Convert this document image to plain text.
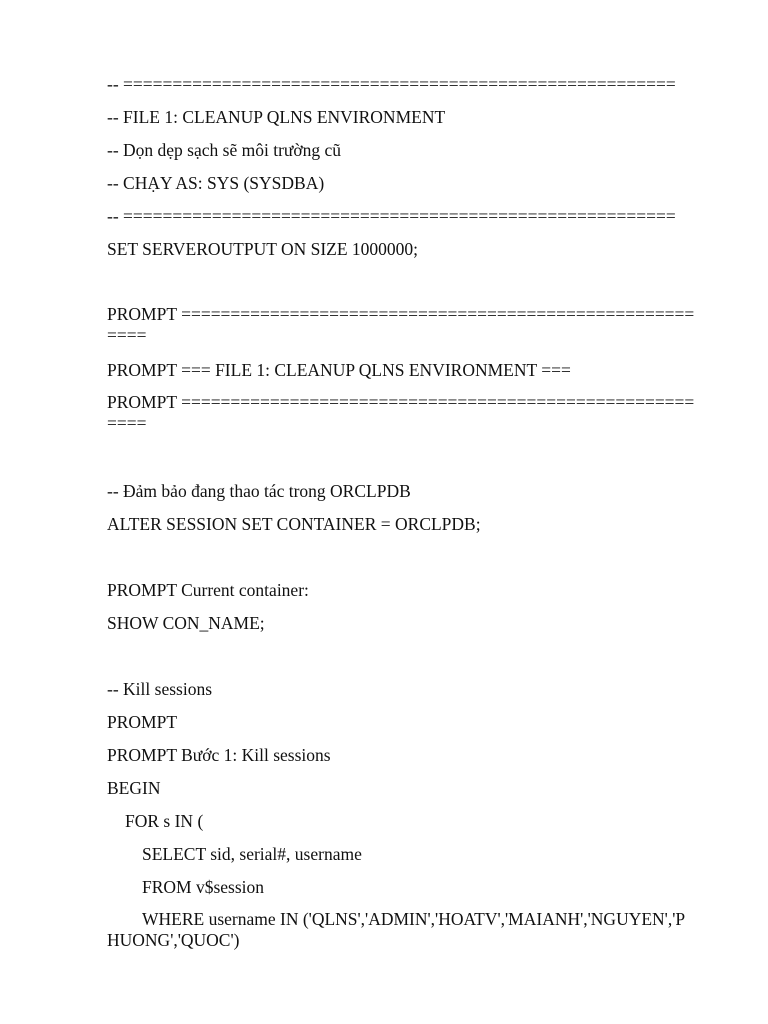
-- ========================================================
-- FILE 1: CLEANUP QLNS ENVIRONMENT
-- Dọn dẹp sạch sẽ môi trường cũ
-- CHẠY AS: SYS (SYSDBA)
-- ========================================================
SET SERVEROUTPUT ON SIZE 1000000;
PROMPT ========================================================
PROMPT === FILE 1: CLEANUP QLNS ENVIRONMENT ===
PROMPT ========================================================
-- Đảm bảo đang thao tác trong ORCLPDB
ALTER SESSION SET CONTAINER = ORCLPDB;
PROMPT Current container:
SHOW CON_NAME;
-- Kill sessions
PROMPT
PROMPT Bước 1: Kill sessions
BEGIN
FOR s IN (
SELECT sid, serial#, username
FROM v$session
WHERE username IN ('QLNS','ADMIN','HOATV','MAIANH','NGUYEN','PHUONG','QUOC')
